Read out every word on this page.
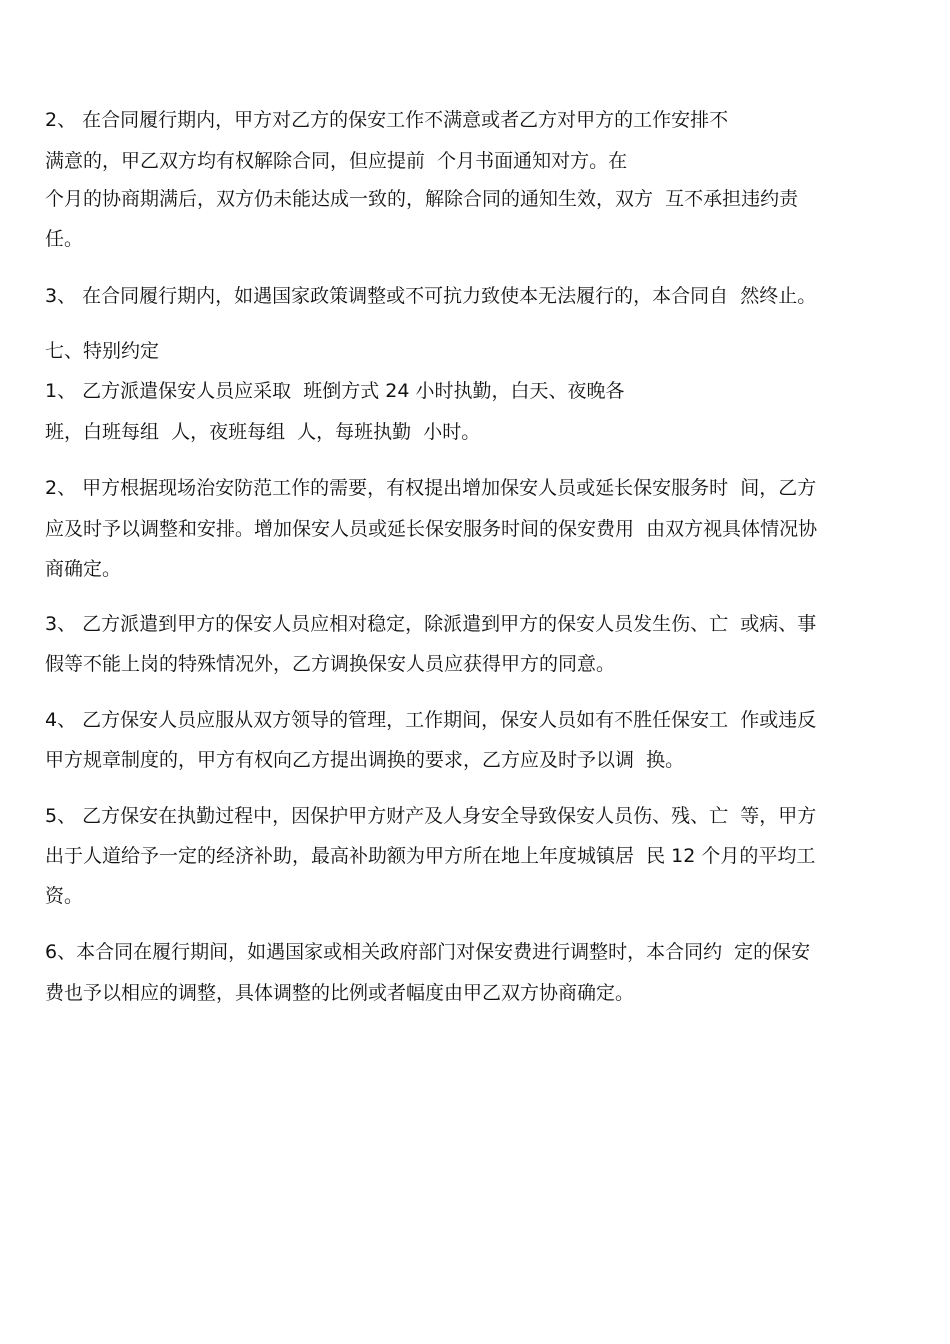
2、 在合同履行期内，甲方对乙方的保安工作不满意或者乙方对甲方的工作安排不
满意的，甲乙双方均有权解除合同，但应提前  个月书面通知对方。在
个月的协商期满后，双方仍未能达成一致的，解除合同的通知生效，双方  互不承担违约责
任。
3、 在合同履行期内，如遇国家政策调整或不可抗力致使本无法履行的，本合同自  然终止。
七、特别约定
1、 乙方派遣保安人员应采取  班倒方式 24 小时执勤，白天、夜晚各
班，白班每组  人，夜班每组  人，每班执勤  小时。
2、 甲方根据现场治安防范工作的需要，有权提出增加保安人员或延长保安服务时  间，乙方
应及时予以调整和安排。增加保安人员或延长保安服务时间的保安费用  由双方视具体情况协
商确定。
3、 乙方派遣到甲方的保安人员应相对稳定，除派遣到甲方的保安人员发生伤、亡  或病、事
假等不能上岗的特殊情况外，乙方调换保安人员应获得甲方的同意。
4、 乙方保安人员应服从双方领导的管理，工作期间，保安人员如有不胜任保安工  作或违反
甲方规章制度的，甲方有权向乙方提出调换的要求，乙方应及时予以调  换。
5、 乙方保安在执勤过程中，因保护甲方财产及人身安全导致保安人员伤、残、亡  等，甲方
出于人道给予一定的经济补助，最高补助额为甲方所在地上年度城镇居  民 12 个月的平均工
资。
6、本合同在履行期间，如遇国家或相关政府部门对保安费进行调整时，本合同约  定的保安
费也予以相应的调整，具体调整的比例或者幅度由甲乙双方协商确定。
